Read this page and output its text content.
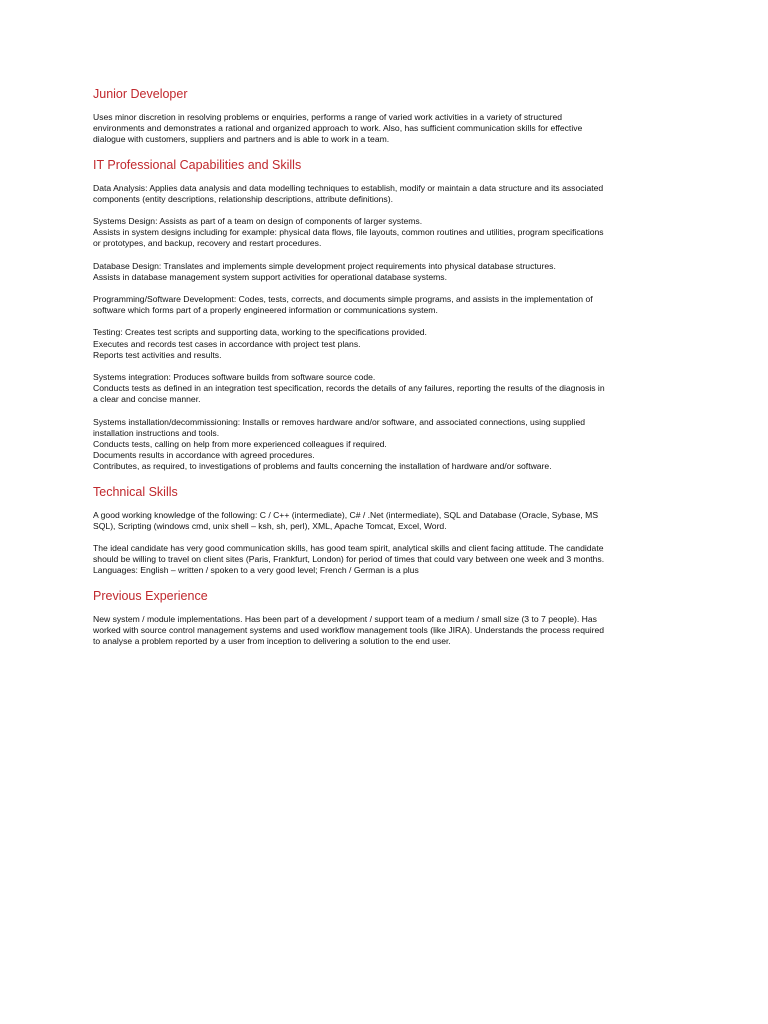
Junior Developer

Uses minor discretion in resolving problems or enquiries, performs a range of varied work activities in a variety of structured
environments and demonstrates a rational and organized approach to work. Also, has sufficient communication skills for effective
dialogue with customers, suppliers and partners and is able to work in a team.

IT Professional Capabilities and Skills

Data Analysis: Applies data analysis and data modelling techniques to establish, modify or maintain a data structure and its associated
components (entity descriptions, relationship descriptions, attribute definitions).

Systems Design: Assists as part of a team on design of components of larger systems.
Assists in system designs including for example: physical data flows, file layouts, common routines and utilities, program specifications
or prototypes, and backup, recovery and restart procedures.

Database Design: Translates and implements simple development project requirements into physical database structures.
Assists in database management system support activities for operational database systems.

Programming/Software Development: Codes, tests, corrects, and documents simple programs, and assists in the implementation of
software which forms part of a properly engineered information or communications system.

Testing: Creates test scripts and supporting data, working to the specifications provided.
Executes and records test cases in accordance with project test plans.
Reports test activities and results.

Systems integration: Produces software builds from software source code.
Conducts tests as defined in an integration test specification, records the details of any failures, reporting the results of the diagnosis in
a clear and concise manner.

Systems installation/decommissioning: Installs or removes hardware and/or software, and associated connections, using supplied
installation instructions and tools.
Conducts tests, calling on help from more experienced colleagues if required.
Documents results in accordance with agreed procedures.
Contributes, as required, to investigations of problems and faults concerning the installation of hardware and/or software.

Technical Skills

A good working knowledge of the following: C / C++ (intermediate), C# / .Net (intermediate), SQL and Database (Oracle, Sybase, MS
SQL), Scripting (windows cmd, unix shell – ksh, sh, perl), XML, Apache Tomcat, Excel, Word.

The ideal candidate has very good communication skills, has good team spirit, analytical skills and client facing attitude. The candidate
should be willing to travel on client sites (Paris, Frankfurt, London) for period of times that could vary between one week and 3 months.
Languages: English – written / spoken to a very good level; French / German is a plus

Previous Experience

New system / module implementations. Has been part of a development / support team of a medium / small size (3 to 7 people). Has
worked with source control management systems and used workflow management tools (like JIRA). Understands the process required
to analyse a problem reported by a user from inception to delivering a solution to the end user.
